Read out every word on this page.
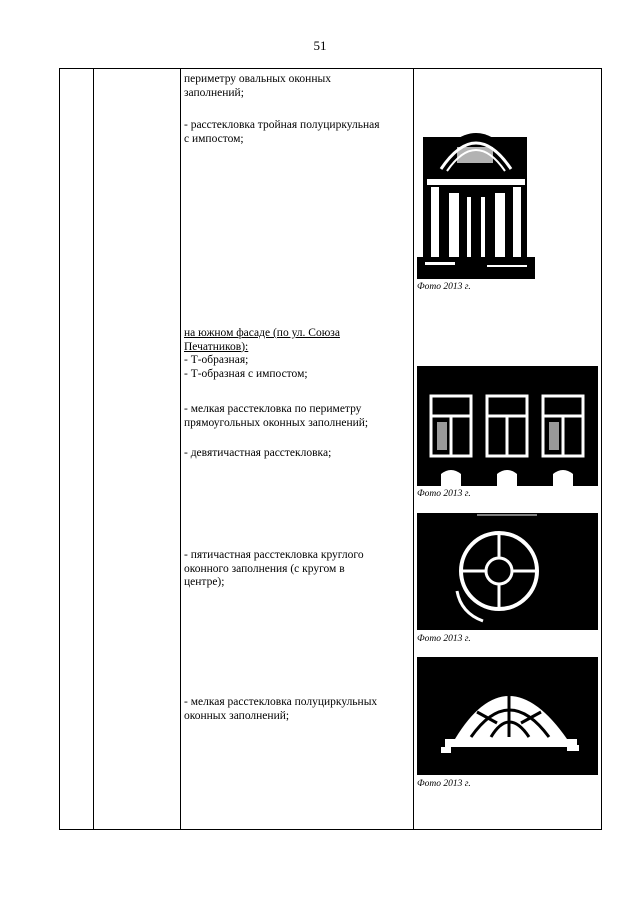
51

периметру овальных оконных

заполнений;

- расстекловка тройная полуциркульная

с импостом;

на южном фасаде (по ул. Союза

Печатников):

- Т-образная;

- Т-образная с импостом;

- мелкая расстекловка по периметру

прямоугольных оконных заполнений;

- девятичастная расстекловка;

- пятичастная расстекловка круглого

оконного заполнения (с кругом в

центре);

- мелкая расстекловка полуциркульных

оконных заполнений;

Фото 2013 г.
Фото 2013 г.
Фото 2013 г.
Фото 2013 г.
